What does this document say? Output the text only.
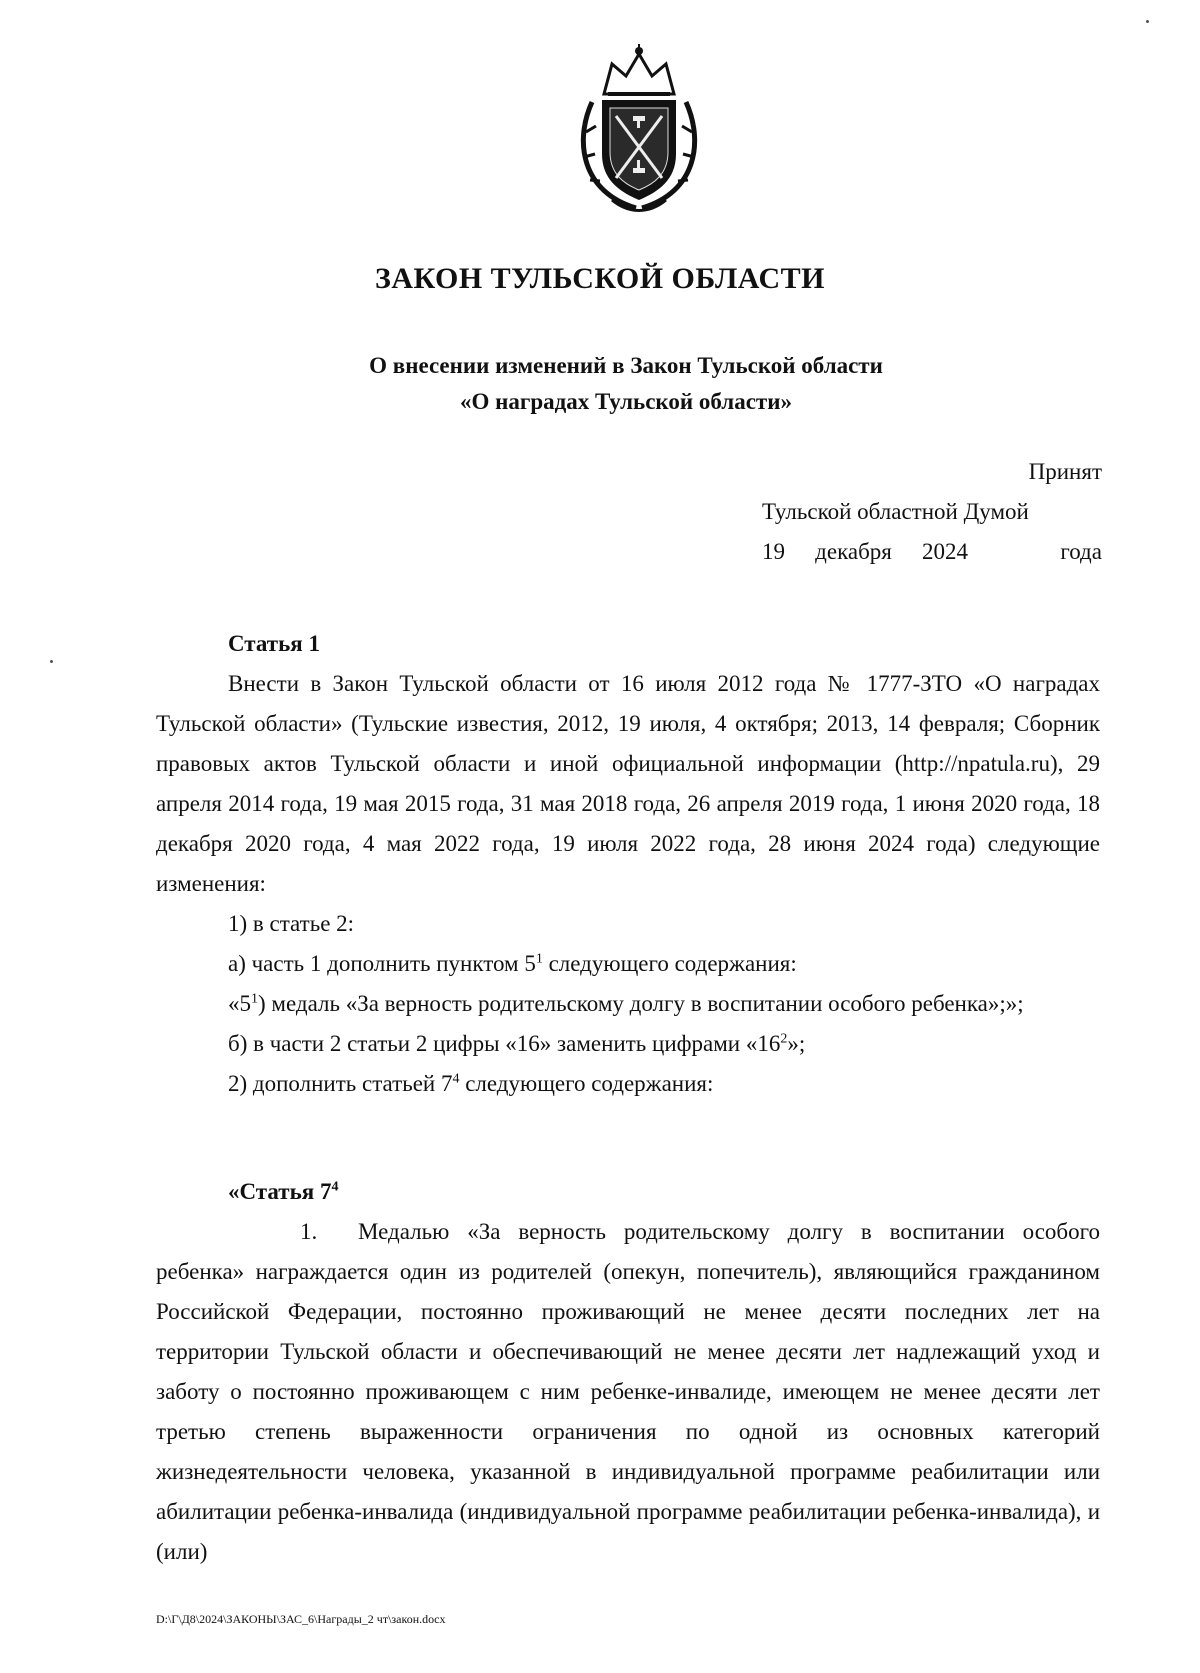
ЗАКОН ТУЛЬСКОЙ ОБЛАСТИ
О внесении изменений в Закон Тульской области
«О наградах Тульской области»
Принят
Тульской областной Думой
19 декабря 2024	года
Статья 1
Внести в Закон Тульской области от 16 июля 2012 года № 1777-ЗТО «О наградах Тульской области» (Тульские известия, 2012, 19 июля, 4 октября; 2013, 14 февраля; Сборник правовых актов Тульской области и иной официальной информации (http://npatula.ru), 29 апреля 2014 года, 19 мая 2015 года, 31 мая 2018 года, 26 апреля 2019 года, 1 июня 2020 года, 18 декабря 2020 года, 4 мая 2022 года, 19 июля 2022 года, 28 июня 2024 года) следующие изменения:
1) в статье 2:
а) часть 1 дополнить пунктом $5^1$ следующего содержания:
«$5^1$) медаль «За верность родительскому долгу в воспитании особого ребенка»;»;
б) в части 2 статьи 2 цифры «16» заменить цифрами «$16^2$»;
2) дополнить статьей $7^4$ следующего содержания:
«Статья $7^4$
1. Медалью «За верность родительскому долгу в воспитании особого
ребенка» награждается один из родителей (опекун, попечитель), являющийся гражданином Российской Федерации, постоянно проживающий не менее десяти последних лет на территории Тульской области и обеспечивающий не менее десяти лет надлежащий уход и заботу о постоянно проживающем с ним ребенке-инвалиде, имеющем не менее десяти лет третью степень выраженности ограничения по одной из основных категорий жизнедеятельности человека, указанной в индивидуальной программе реабилитации или абилитации ребенка-инвалида (индивидуальной программе реабилитации ребенка-инвалида), и (или)
D:\Г\Д8\2024\ЗАКОНЫ\ЗАС_6\Награды_2 чт\закон.docx
